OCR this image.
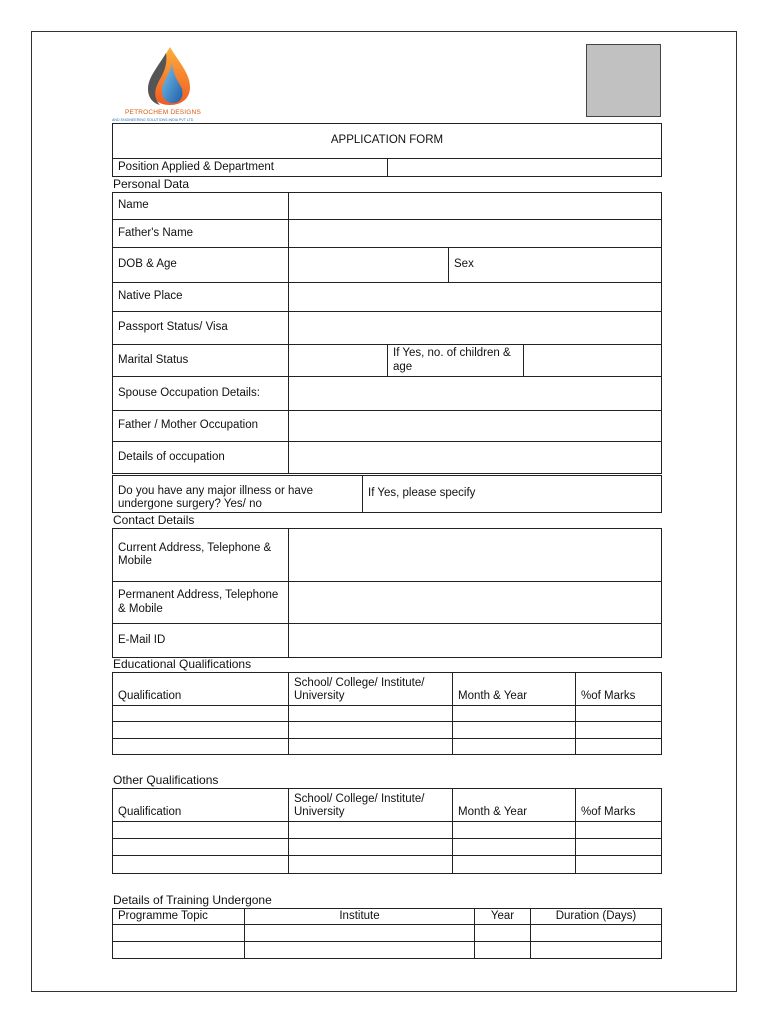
PETROCHEM DESIGNS
AND ENGINEERING SOLUTIONS INDIA PVT LTD
APPLICATION FORM
Position Applied & Department	
Personal Data
Name				
Father's Name				
DOB & Age			Sex	
Native Place				
Passport Status/ Visa				
Marital Status		If Yes, no. of children & age		
Spouse Occupation Details:				
Father / Mother Occupation				
Details of occupation				
Do you have any major illness or have undergone surgery? Yes/ no	If Yes, please specify
Contact Details
Current Address, Telephone & Mobile	
Permanent Address, Telephone & Mobile	
E-Mail ID	
Educational Qualifications
Qualification	School/ College/ Institute/ University	Month & Year	%of Marks

Other Qualifications
Qualification	School/ College/ Institute/ University	Month & Year	%of Marks

Details of Training Undergone
Programme Topic	Institute	Year	Duration (Days)
